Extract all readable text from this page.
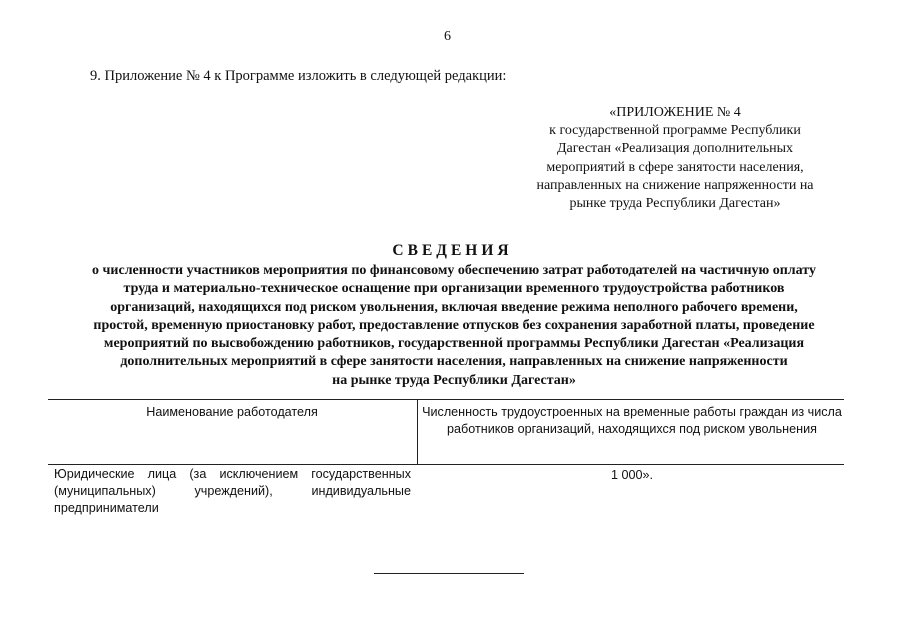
6
9. Приложение № 4 к Программе изложить в следующей редакции:
«ПРИЛОЖЕНИЕ № 4
к государственной программе Республики
Дагестан «Реализация дополнительных
мероприятий в сфере занятости населения,
направленных на снижение напряженности на
рынке труда Республики Дагестан»
СВЕДЕНИЯ
о численности участников мероприятия по финансовому обеспечению затрат работодателей на частичную оплату
труда и материально-техническое оснащение при организации временного трудоустройства работников
организаций, находящихся под риском увольнения, включая введение режима неполного рабочего времени,
простой, временную приостановку работ, предоставление отпусков без сохранения заработной платы, проведение
мероприятий по высвобождению работников, государственной программы Республики Дагестан «Реализация
дополнительных мероприятий в сфере занятости населения, направленных на снижение напряженности
на рынке труда Республики Дагестан»
Наименование работодателя	Численность трудоустроенных на временные работы граждан из числа работников организаций, находящихся под риском увольнения
Юридические лица (за исключением государственных (муниципальных) учреждений), индивидуальные предприниматели
1 000».
